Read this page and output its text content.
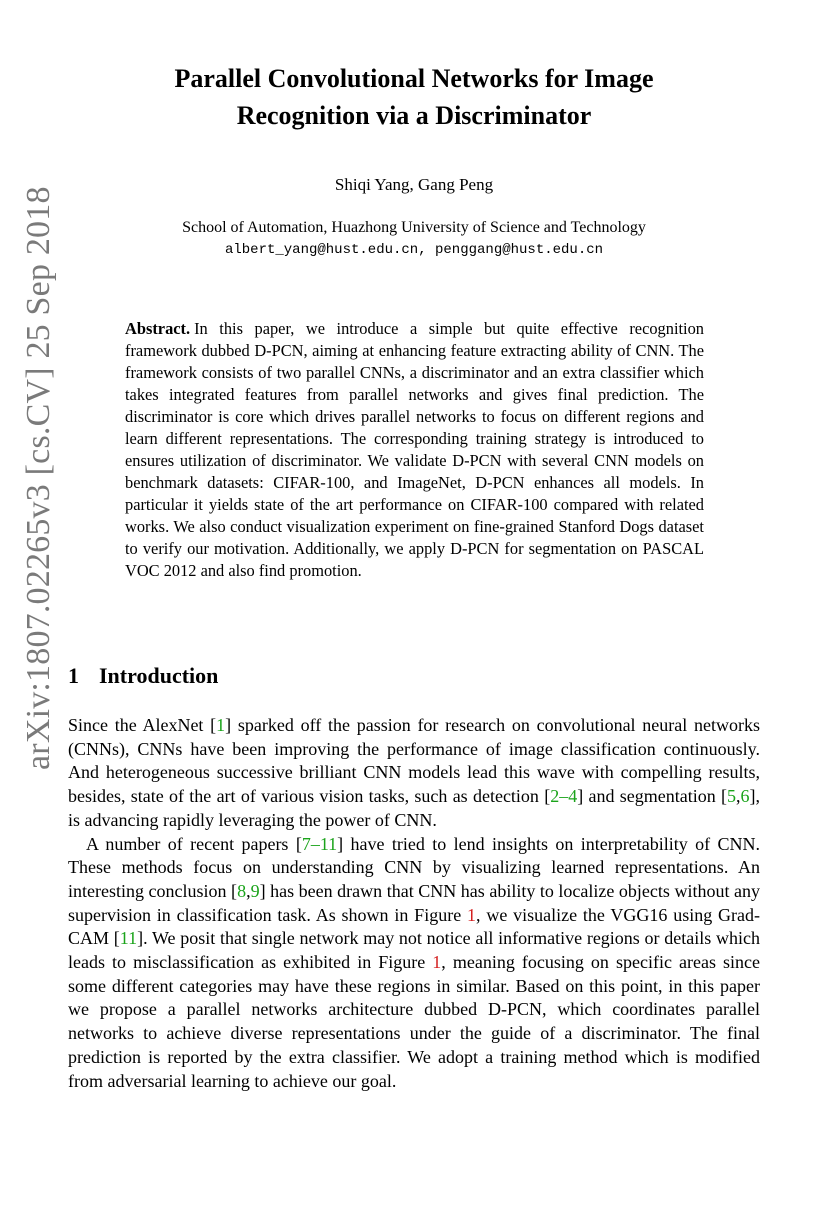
arXiv:1807.02265v3 [cs.CV] 25 Sep 2018
Parallel Convolutional Networks for Image
Recognition via a Discriminator
Shiqi Yang, Gang Peng
School of Automation, Huazhong University of Science and Technology
albert_yang@hust.edu.cn, penggang@hust.edu.cn
Abstract. In this paper, we introduce a simple but quite effective recognition framework dubbed D-PCN, aiming at enhancing feature extracting ability of CNN. The framework consists of two parallel CNNs, a discriminator and an extra classifier which takes integrated features from parallel networks and gives final prediction. The discriminator is core which drives parallel networks to focus on different regions and learn different representations. The corresponding training strategy is introduced to ensures utilization of discriminator. We validate D-PCN with several CNN models on benchmark datasets: CIFAR-100, and ImageNet, D-PCN enhances all models. In particular it yields state of the art performance on CIFAR-100 compared with related works. We also conduct visualization experiment on fine-grained Stanford Dogs dataset to verify our motivation. Additionally, we apply D-PCN for segmentation on PASCAL VOC 2012 and also find promotion.
1 Introduction

Since the AlexNet [1] sparked off the passion for research on convolutional neural networks (CNNs), CNNs have been improving the performance of image classification continuously. And heterogeneous successive brilliant CNN models lead this wave with compelling results, besides, state of the art of various vision tasks, such as detection [2–4] and segmentation [5,6], is advancing rapidly leveraging the power of CNN.

A number of recent papers [7–11] have tried to lend insights on interpretability of CNN. These methods focus on understanding CNN by visualizing learned representations. An interesting conclusion [8,9] has been drawn that CNN has ability to localize objects without any supervision in classification task. As shown in Figure 1, we visualize the VGG16 using Grad-CAM [11]. We posit that single network may not notice all informative regions or details which leads to misclassification as exhibited in Figure 1, meaning focusing on specific areas since some different categories may have these regions in similar. Based on this point, in this paper we propose a parallel networks architecture dubbed D-PCN, which coordinates parallel networks to achieve diverse representations under the guide of a discriminator. The final prediction is reported by the extra classifier. We adopt a training method which is modified from adversarial learning to achieve our goal.
